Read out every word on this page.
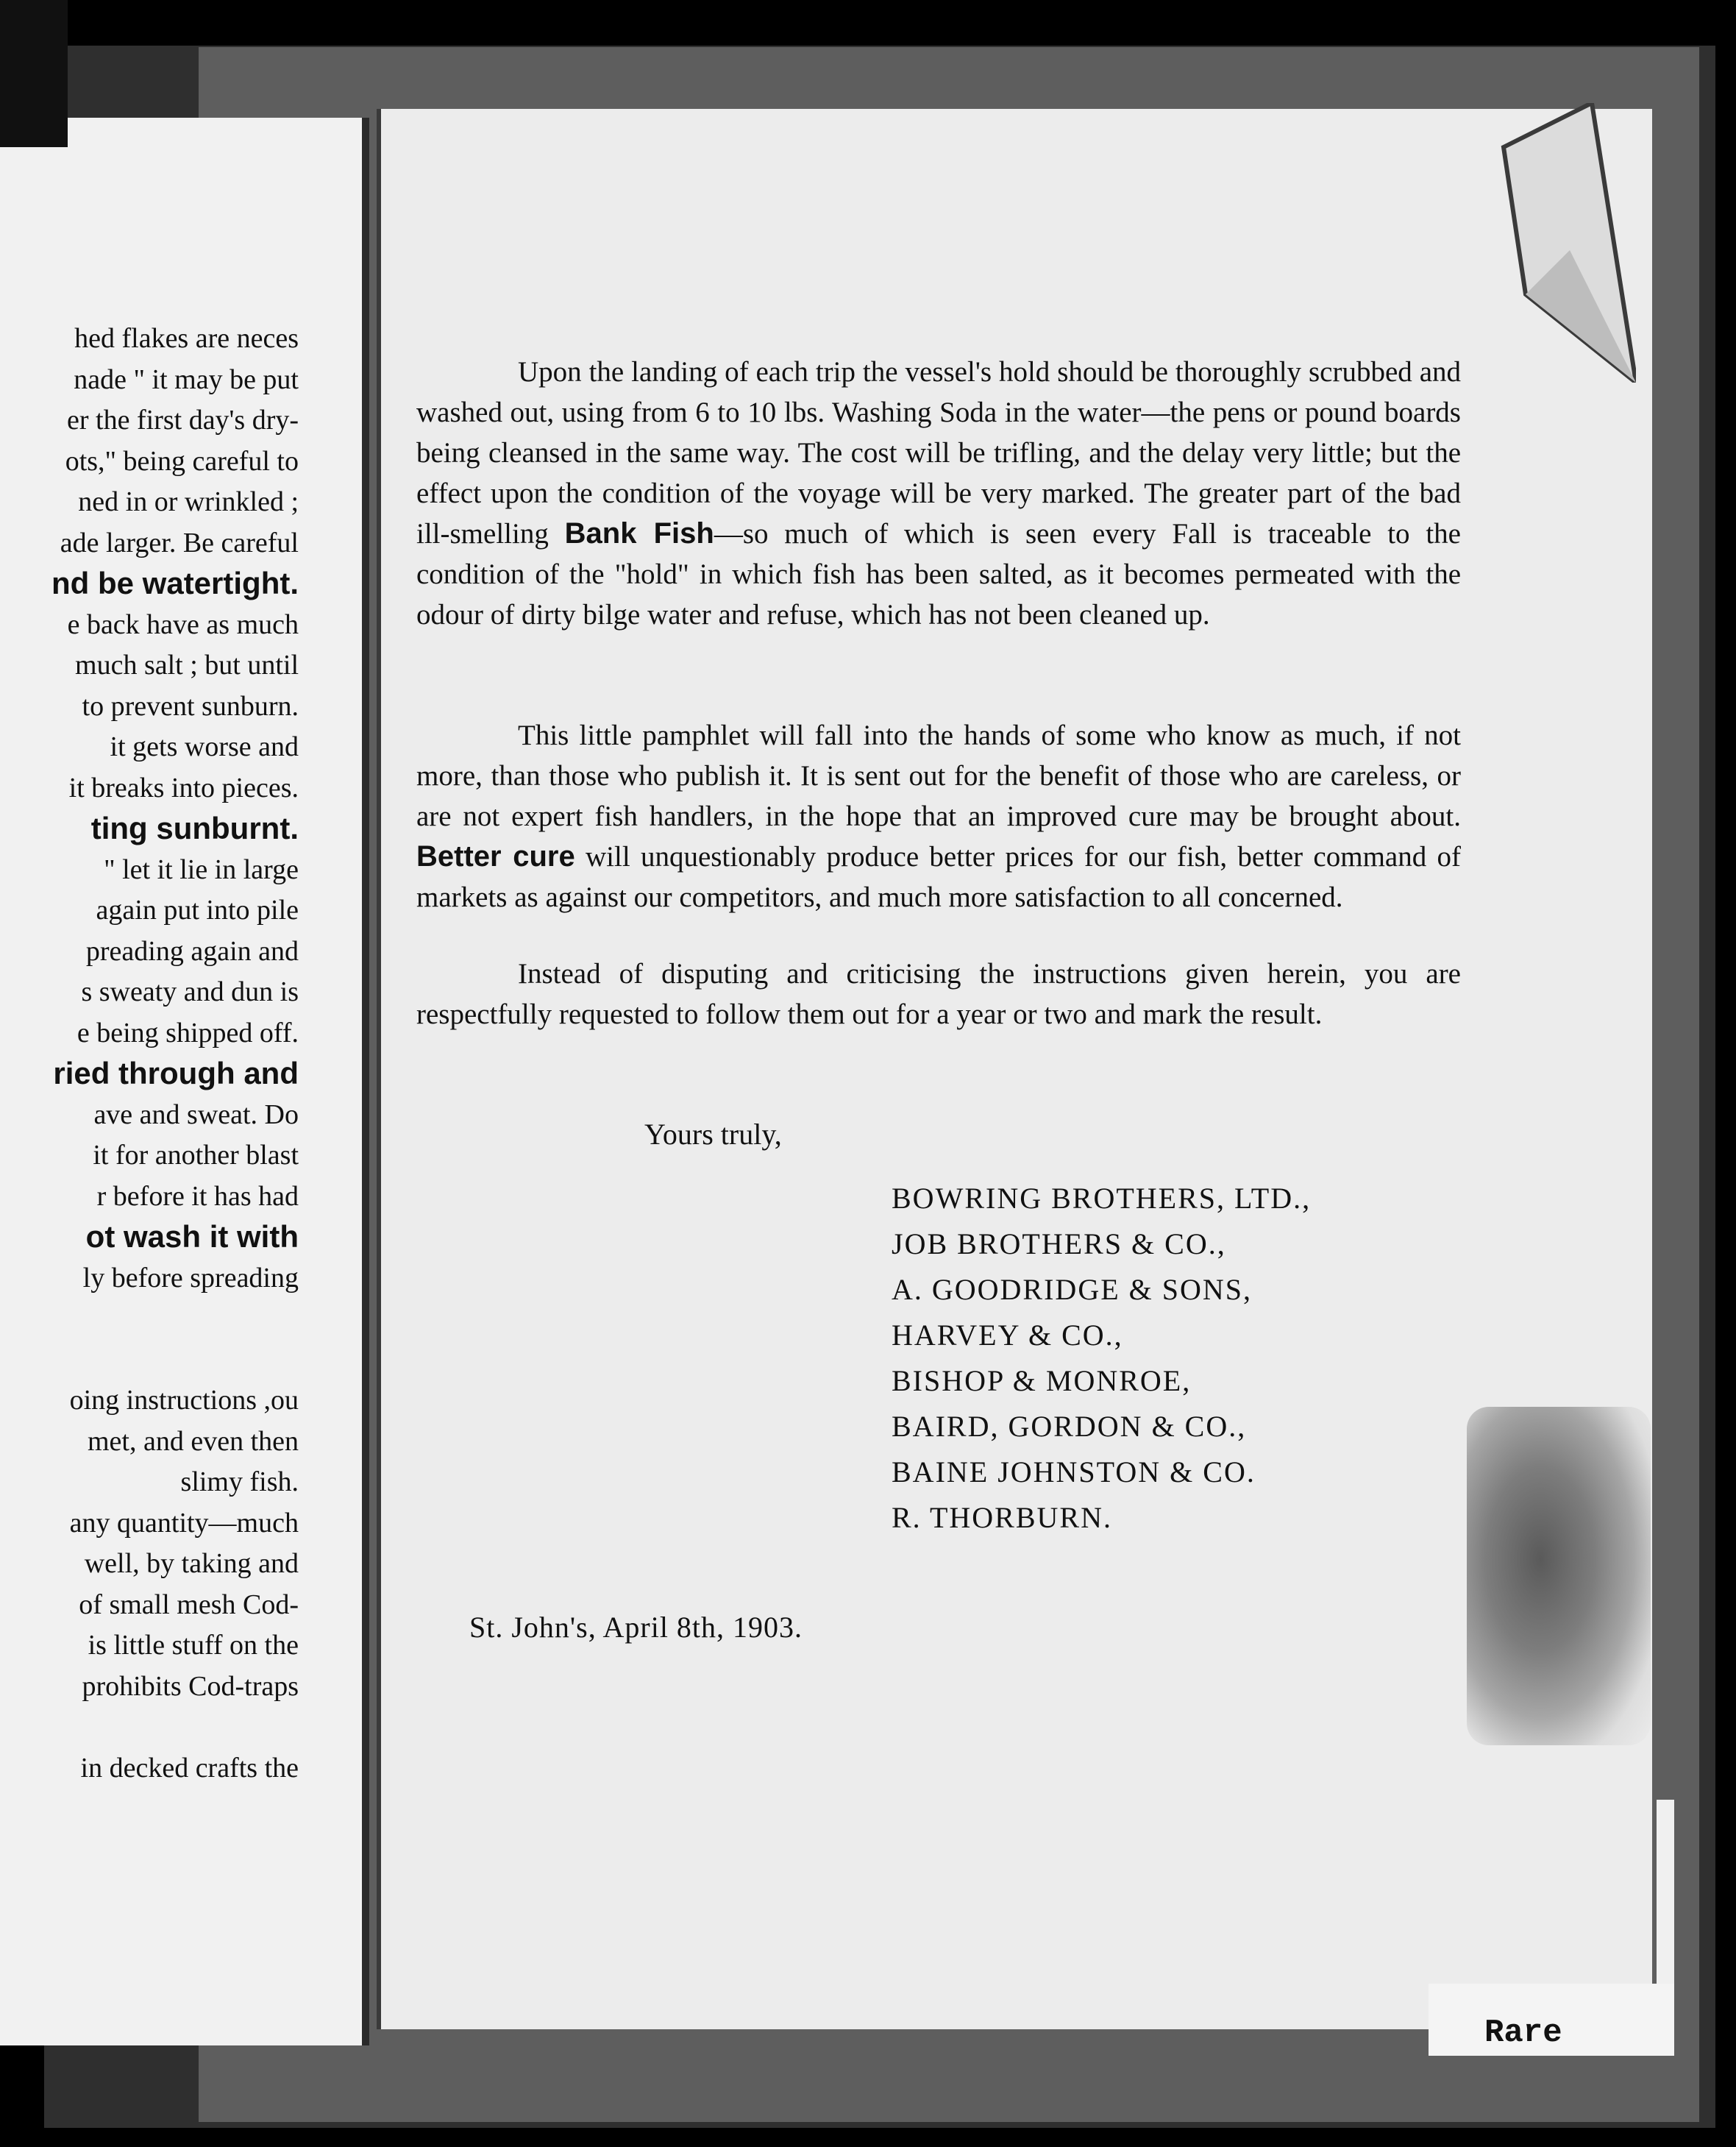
hed flakes are neces
nade " it may be put
er the first day's dry-
ots," being careful to
ned in or wrinkled ;
ade larger. Be careful
nd be watertight.
e back have as much
much salt ; but until
to prevent sunburn.
it gets worse and
it breaks into pieces.
ting sunburnt.
" let it lie in large
again put into pile
preading again and
s sweaty and dun is
e being shipped off.
ried through and
ave and sweat. Do
it for another blast
r before it has had
ot wash it with
ly before spreading
oing instructions ,ou
met, and even then
slimy fish.
any quantity—much
well, by taking and
of small mesh Cod-
is little stuff on the
prohibits Cod-traps
in decked crafts the

Upon the landing of each trip the vessel's hold should be thoroughly scrubbed and washed out, using from 6 to 10 lbs. Washing Soda in the water—the pens or pound boards being cleansed in the same way. The cost will be trifling, and the delay very little; but the effect upon the condition of the voyage will be very marked. The greater part of the bad ill-smelling Bank Fish—so much of which is seen every Fall is traceable to the condition of the "hold" in which fish has been salted, as it becomes permeated with the odour of dirty bilge water and refuse, which has not been cleaned up.

This little pamphlet will fall into the hands of some who know as much, if not more, than those who publish it. It is sent out for the benefit of those who are careless, or are not expert fish handlers, in the hope that an improved cure may be brought about. Better cure will unquestionably produce better prices for our fish, better command of markets as against our competitors, and much more satisfaction to all concerned.

Instead of disputing and criticising the instructions given herein, you are respectfully requested to follow them out for a year or two and mark the result.

Yours truly,
BOWRING BROTHERS, LTD.,
JOB BROTHERS & CO.,
A. GOODRIDGE & SONS,
HARVEY & CO.,
BISHOP & MONROE,
BAIRD, GORDON & CO.,
BAINE JOHNSTON & CO.
R. THORBURN.
St. John's, April 8th, 1903.
Rare
